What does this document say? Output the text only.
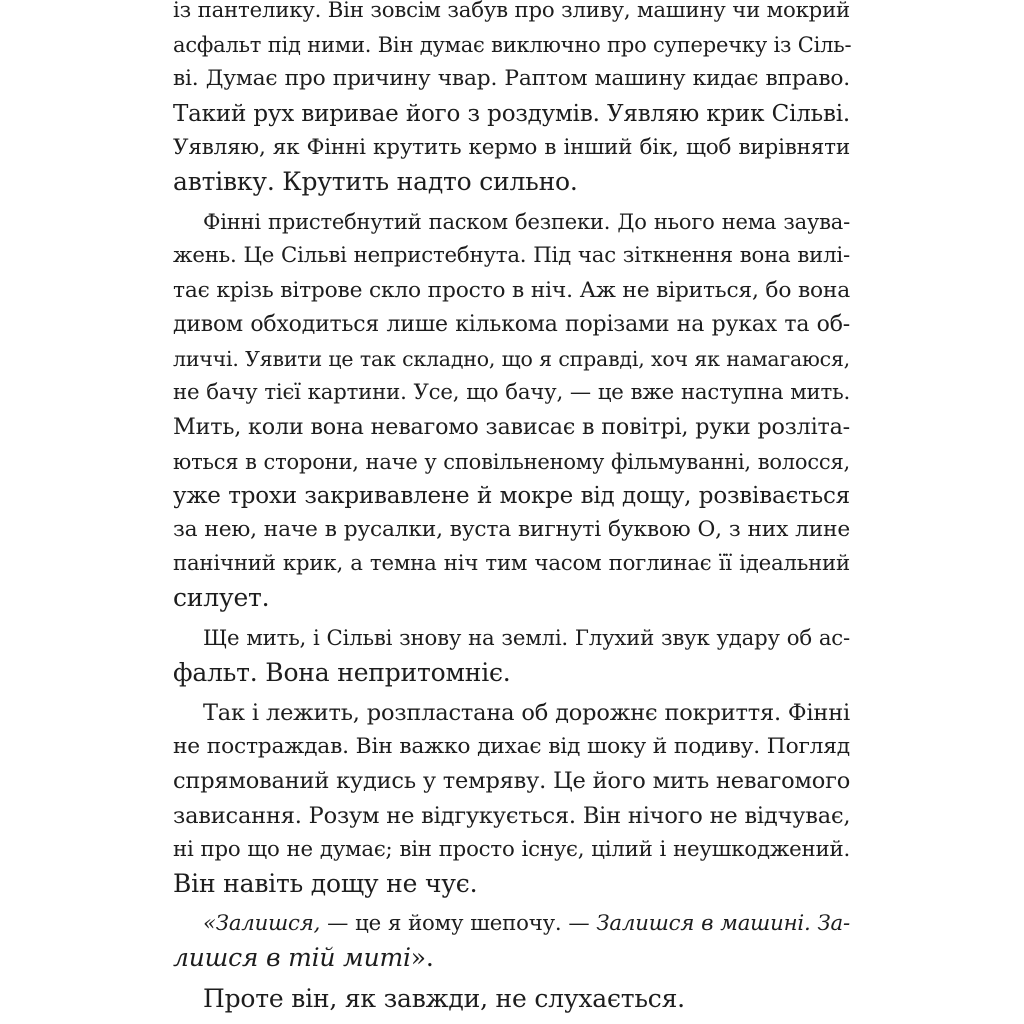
із пантелику. Він зовсім забув про зливу, машину чи мокрий
асфальт під ними. Він думає виключно про суперечку із Сіль-
ві. Думає про причину чвар. Раптом машину кидає вправо.
Такий рух виривае його з роздумів. Уявляю крик Сільві.
Уявляю, як Фінні крутить кермо в інший бік, щоб вирівняти
автівку. Крутить надто сильно.
Фінні пристебнутий паском безпеки. До нього нема заува-
жень. Це Сільві непристебнута. Під час зіткнення вона вилі-
тає крізь вітрове скло просто в ніч. Аж не віриться, бо вона
дивом обходиться лише кількома порізами на руках та об-
личчі. Уявити це так складно, що я справді, хоч як намагаюся,
не бачу тієї картини. Усе, що бачу, — це вже наступна мить.
Мить, коли вона невагомо зависає в повітрі, руки розліта-
ються в сторони, наче у сповільненому фільмуванні, волосся,
уже трохи закривавлене й мокре від дощу, розвівається
за нею, наче в русалки, вуста вигнуті буквою О, з них лине
панічний крик, а темна ніч тим часом поглинає її ідеальний
силует.
Ще мить, і Сільві знову на землі. Глухий звук удару об ас-
фальт. Вона непритомніє.
Так і лежить, розпластана об дорожнє покриття. Фінні
не постраждав. Він важко дихає від шоку й подиву. Погляд
спрямований кудись у темряву. Це його мить невагомого
зависання. Розум не відгукується. Він нічого не відчуває,
ні про що не думає; він просто існує, цілий і неушкоджений.
Він навіть дощу не чує.
«Залишся, — це я йому шепочу. — Залишся в машині. За-
лишся в тій миті».
Проте він, як завжди, не слухається.
